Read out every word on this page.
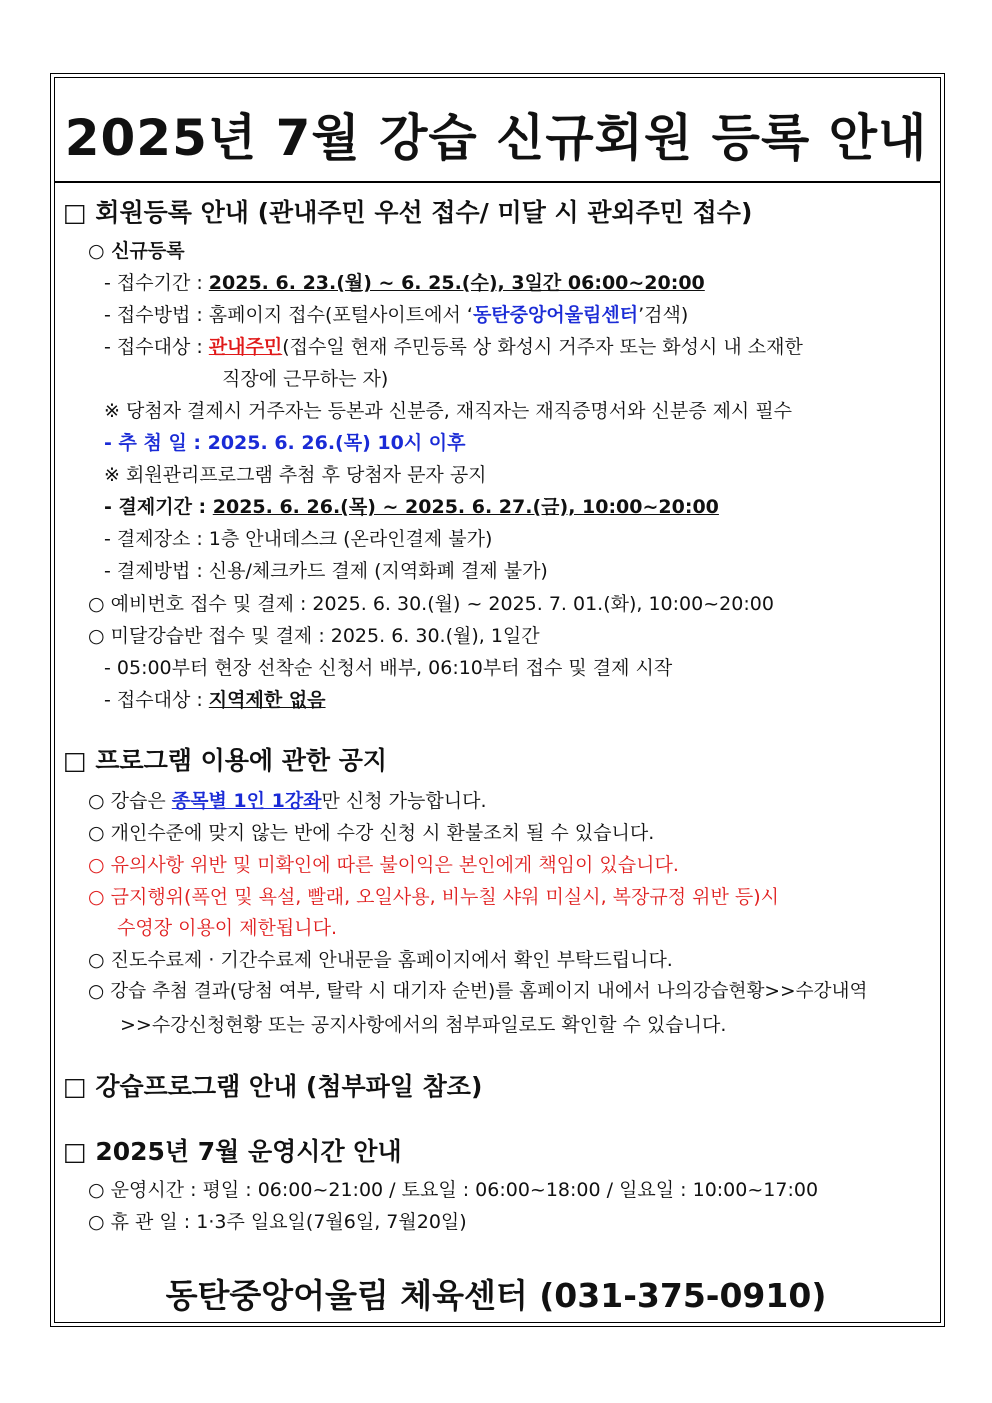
2025년 7월 강습 신규회원 등록 안내
□ 회원등록 안내 (관내주민 우선 접수/ 미달 시 관외주민 접수)
○ 신규등록
- 접수기간 : 2025. 6. 23.(월) ~ 6. 25.(수), 3일간 06:00~20:00
- 접수방법 : 홈페이지 접수(포털사이트에서 ‘동탄중앙어울림센터’검색)
- 접수대상 : 관내주민(접수일 현재 주민등록 상 화성시 거주자 또는 화성시 내 소재한
직장에 근무하는 자)
※ 당첨자 결제시 거주자는 등본과 신분증, 재직자는 재직증명서와 신분증 제시 필수
- 추 첨 일 : 2025. 6. 26.(목) 10시 이후
※ 회원관리프로그램 추첨 후 당첨자 문자 공지
- 결제기간 : 2025. 6. 26.(목) ~ 2025. 6. 27.(금), 10:00~20:00
- 결제장소 : 1층 안내데스크 (온라인결제 불가)
- 결제방법 : 신용/체크카드 결제 (지역화폐 결제 불가)
○ 예비번호 접수 및 결제 : 2025. 6. 30.(월) ~ 2025. 7. 01.(화), 10:00~20:00
○ 미달강습반 접수 및 결제 : 2025. 6. 30.(월), 1일간
- 05:00부터 현장 선착순 신청서 배부, 06:10부터 접수 및 결제 시작
- 접수대상 : 지역제한 없음
□ 프로그램 이용에 관한 공지
○ 강습은 종목별 1인 1강좌만 신청 가능합니다.
○ 개인수준에 맞지 않는 반에 수강 신청 시 환불조치 될 수 있습니다.
○ 유의사항 위반 및 미확인에 따른 불이익은 본인에게 책임이 있습니다.
○ 금지행위(폭언 및 욕설, 빨래, 오일사용, 비누칠 샤워 미실시, 복장규정 위반 등)시
수영장 이용이 제한됩니다.
○ 진도수료제 · 기간수료제 안내문을 홈페이지에서 확인 부탁드립니다.
○ 강습 추첨 결과(당첨 여부, 탈락 시 대기자 순번)를 홈페이지 내에서 나의강습현황>>수강내역
>>수강신청현황 또는 공지사항에서의 첨부파일로도 확인할 수 있습니다.
□ 강습프로그램 안내 (첨부파일 참조)
□ 2025년 7월 운영시간 안내
○ 운영시간 : 평일 : 06:00~21:00 / 토요일 : 06:00~18:00 / 일요일 : 10:00~17:00
○ 휴 관 일 : 1·3주 일요일(7월6일, 7월20일)
동탄중앙어울림 체육센터 (031-375-0910)
